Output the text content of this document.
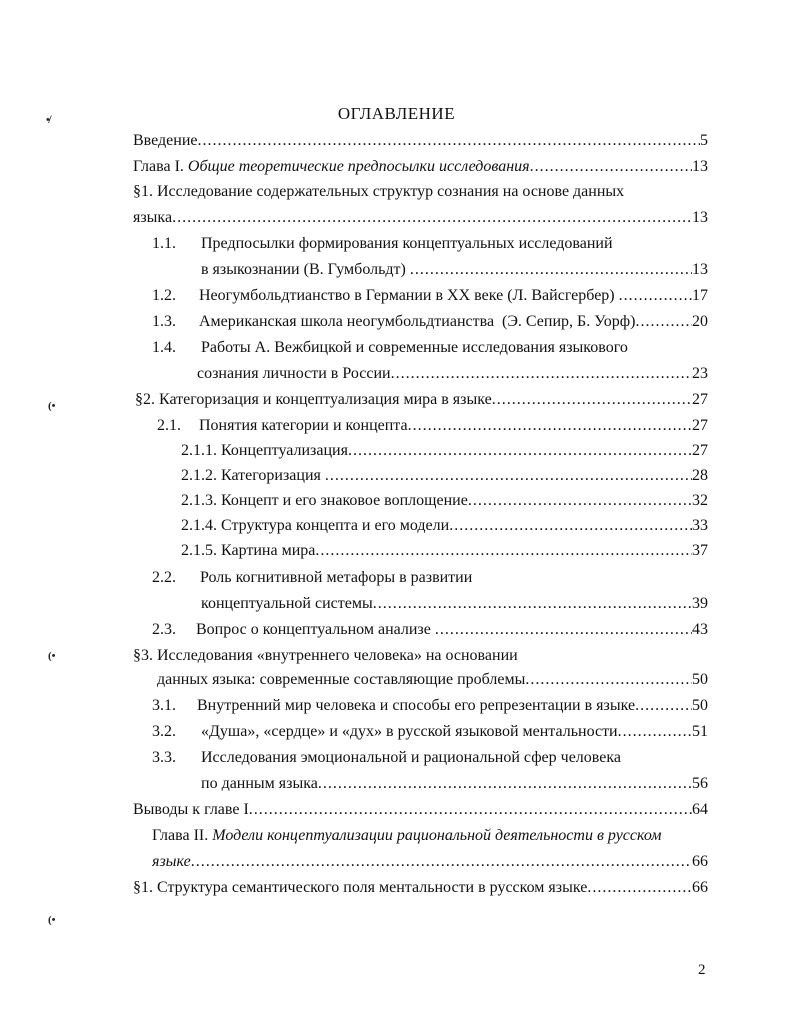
ОГЛАВЛЕНИЕ
•̸
(•
(•
(•
Введение .....	5
Глава I. Общие теоретические предпосылки исследования .....	13
§1. Исследование содержательных структур сознания на основе данных
языка .....	13
1.1. Предпосылки формирования концептуальных исследований
в языкознании (В. Гумбольдт) .....	13
1.2.	Неогумбольдтианство в Германии в XX веке (Л. Вайсгербер) .....	17
1.3.	Американская школа неогумбольдтианства  (Э. Сепир, Б. Уорф) .....	20
1.4. Работы А. Вежбицкой и современные исследования языкового
сознания личности в России .....	23
§2. Категоризация и концептуализация мира в языке .....	27
2.1.	Понятия категории и концепта .....	27
2.1.1. Концептуализация .....	27
2.1.2. Категоризация .....	28
2.1.3. Концепт и его знаковое воплощение .....	32
2.1.4. Структура концепта и его модели .....	33
2.1.5. Картина мира .....	37
2.2. Роль когнитивной метафоры в развитии
концептуальной системы .....	39
2.3.	Вопрос о концептуальном анализе .....	43
§3. Исследования «внутреннего человека» на основании
данных языка: современные составляющие проблемы .....	50
3.1.	Внутренний мир человека и способы его репрезентации в языке .....	50
3.2.	«Душа», «сердце» и «дух» в русской языковой ментальности .....	51
3.3. Исследования эмоциональной и рациональной сфер человека
по данным языка .....	56
Выводы к главе I .....	64
Глава II. Модели концептуализации рациональной деятельности в русском
языке .....	66
§1. Структура семантического поля ментальности в русском языке .....	66
2
